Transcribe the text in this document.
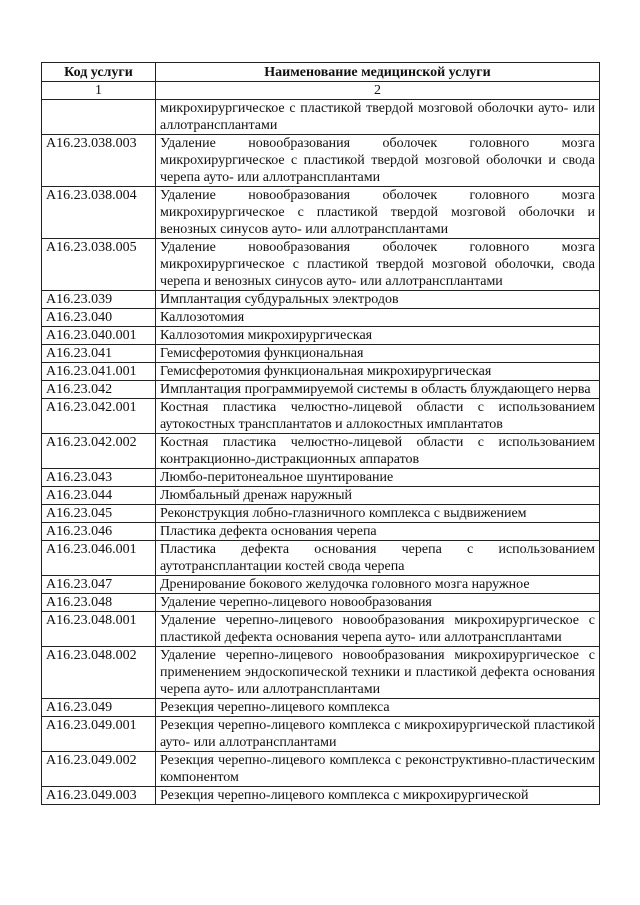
Код услуги	Наименование медицинской услуги
1	2
	микрохирургическое с пластикой твердой мозговой оболочки ауто- или аллотрансплантами
A16.23.038.003	Удаление новообразования оболочек головного мозга микрохирургическое с пластикой твердой мозговой оболочки и свода черепа ауто- или аллотрансплантами
A16.23.038.004	Удаление новообразования оболочек головного мозга микрохирургическое с пластикой твердой мозговой оболочки и венозных синусов ауто- или аллотрансплантами
A16.23.038.005	Удаление новообразования оболочек головного мозга микрохирургическое с пластикой твердой мозговой оболочки, свода черепа и венозных синусов ауто- или аллотрансплантами
A16.23.039	Имплантация субдуральных электродов
A16.23.040	Каллозотомия
A16.23.040.001	Каллозотомия микрохирургическая
A16.23.041	Гемисферотомия функциональная
A16.23.041.001	Гемисферотомия функциональная микрохирургическая
A16.23.042	Имплантация программируемой системы в область блуждающего нерва
A16.23.042.001	Костная пластика челюстно-лицевой области с использованием аутокостных трансплантатов и аллокостных имплантатов
A16.23.042.002	Костная пластика челюстно-лицевой области с использованием контракционно-дистракционных аппаратов
A16.23.043	Люмбо-перитонеальное шунтирование
A16.23.044	Люмбальный дренаж наружный
A16.23.045	Реконструкция лобно-глазничного комплекса с выдвижением
A16.23.046	Пластика дефекта основания черепа
A16.23.046.001	Пластика дефекта основания черепа с использованием аутотрансплантации костей свода черепа
A16.23.047	Дренирование бокового желудочка головного мозга наружное
A16.23.048	Удаление черепно-лицевого новообразования
A16.23.048.001	Удаление черепно-лицевого новообразования микрохирургическое с пластикой дефекта основания черепа ауто- или аллотрансплантами
A16.23.048.002	Удаление черепно-лицевого новообразования микрохирургическое с применением эндоскопической техники и пластикой дефекта основания черепа ауто- или аллотрансплантами
A16.23.049	Резекция черепно-лицевого комплекса
A16.23.049.001	Резекция черепно-лицевого комплекса с микрохирургической пластикой ауто- или аллотрансплантами
A16.23.049.002	Резекция черепно-лицевого комплекса с реконструктивно-пластическим компонентом
A16.23.049.003	Резекция черепно-лицевого комплекса с микрохирургической
